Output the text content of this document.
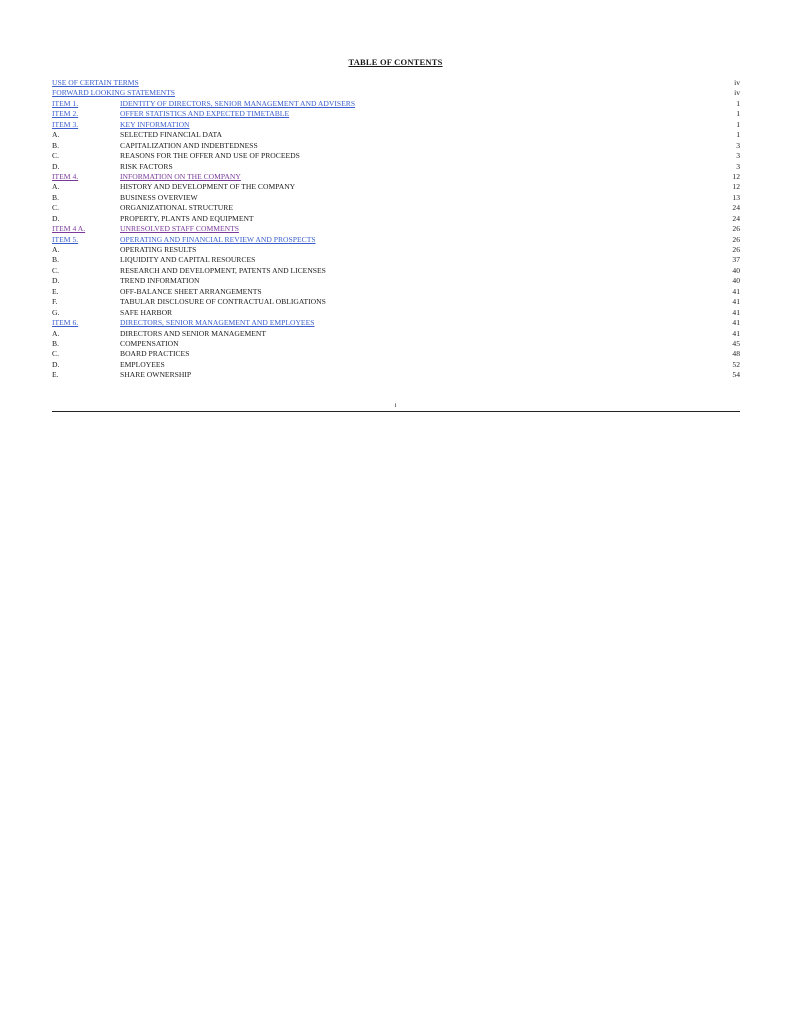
TABLE OF CONTENTS
USE OF CERTAIN TERMS	iv
FORWARD LOOKING STATEMENTS	iv
ITEM 1.	IDENTITY OF DIRECTORS, SENIOR MANAGEMENT AND ADVISERS	1
ITEM 2.	OFFER STATISTICS AND EXPECTED TIMETABLE	1
ITEM 3.	KEY INFORMATION	1
A.	SELECTED FINANCIAL DATA	1
B.	CAPITALIZATION AND INDEBTEDNESS	3
C.	REASONS FOR THE OFFER AND USE OF PROCEEDS	3
D.	RISK FACTORS	3
ITEM 4.	INFORMATION ON THE COMPANY	12
A.	HISTORY AND DEVELOPMENT OF THE COMPANY	12
B.	BUSINESS OVERVIEW	13
C.	ORGANIZATIONAL STRUCTURE	24
D.	PROPERTY, PLANTS AND EQUIPMENT	24
ITEM 4 A.	UNRESOLVED STAFF COMMENTS	26
ITEM 5.	OPERATING AND FINANCIAL REVIEW AND PROSPECTS	26
A.	OPERATING RESULTS	26
B.	LIQUIDITY AND CAPITAL RESOURCES	37
C.	RESEARCH AND DEVELOPMENT, PATENTS AND LICENSES	40
D.	TREND INFORMATION	40
E.	OFF-BALANCE SHEET ARRANGEMENTS	41
F.	TABULAR DISCLOSURE OF CONTRACTUAL OBLIGATIONS	41
G.	SAFE HARBOR	41
ITEM 6.	DIRECTORS, SENIOR MANAGEMENT AND EMPLOYEES	41
A.	DIRECTORS AND SENIOR MANAGEMENT	41
B.	COMPENSATION	45
C.	BOARD PRACTICES	48
D.	EMPLOYEES	52
E.	SHARE OWNERSHIP	54
i
